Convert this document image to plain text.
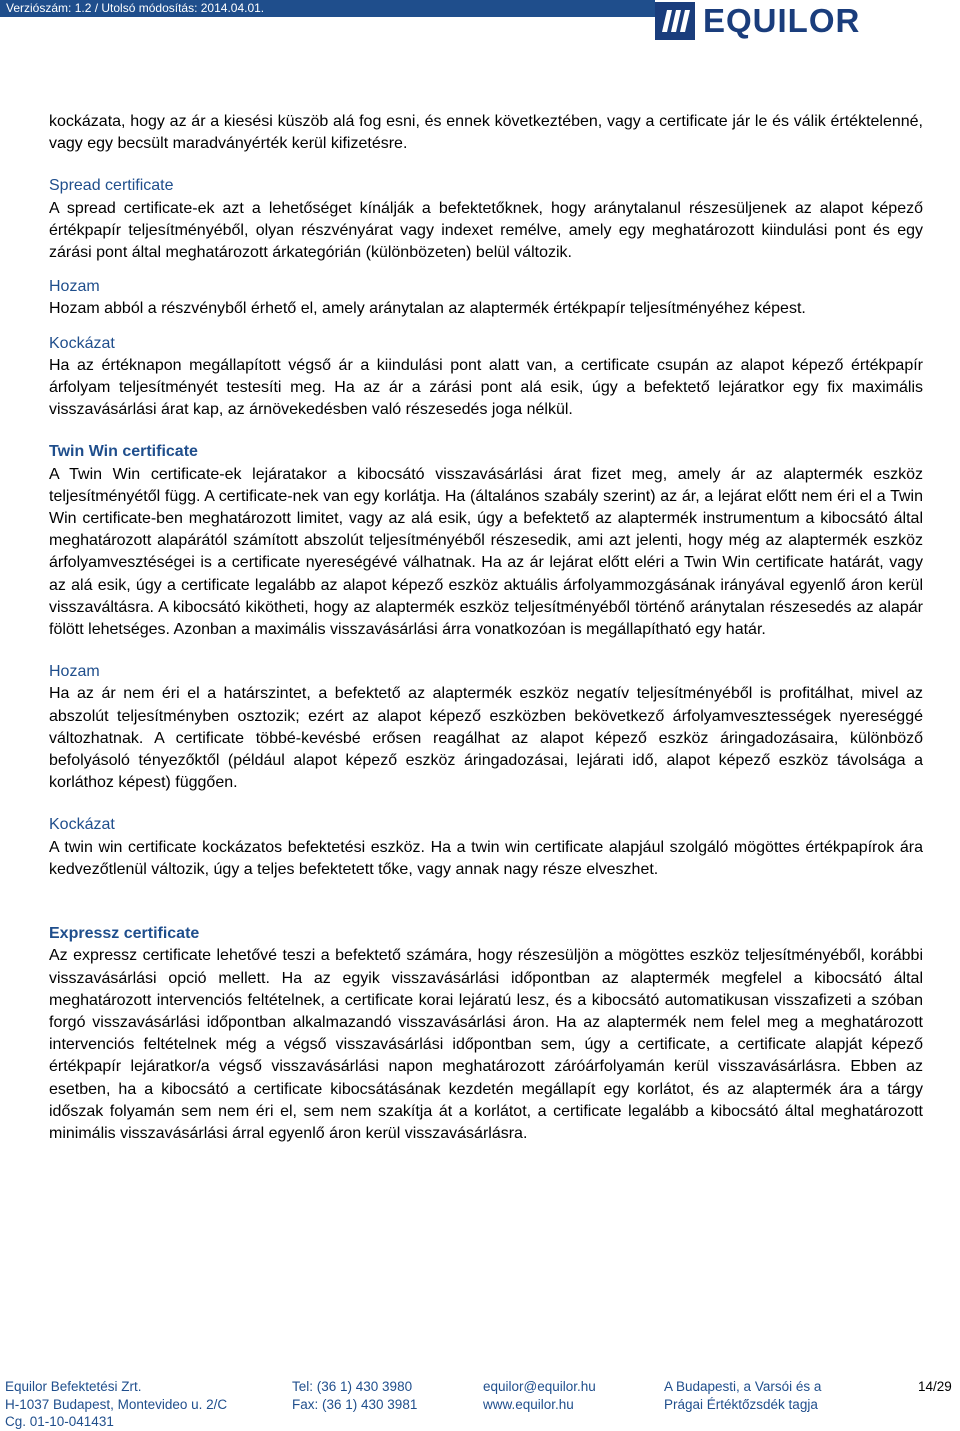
Verziószám: 1.2 / Utolsó módosítás: 2014.04.01.	EQUILOR

kockázata, hogy az ár a kiesési küszöb alá fog esni, és ennek következtében, vagy a certificate jár le és válik értéktelenné, vagy egy becsült maradványérték kerül kifizetésre.

Spread certificate

A spread certificate-ek azt a lehetőséget kínálják a befektetőknek, hogy aránytalanul részesüljenek az alapot képező értékpapír teljesítményéből, olyan részvényárat vagy indexet remélve, amely egy meghatározott kiindulási pont és egy zárási pont által meghatározott árkategórián (különbözeten) belül változik.

Hozam

Hozam abból a részvényből érhető el, amely aránytalan az alaptermék értékpapír teljesítményéhez képest.

Kockázat

Ha az értéknapon megállapított végső ár a kiindulási pont alatt van, a certificate csupán az alapot képező értékpapír árfolyam teljesítményét testesíti meg. Ha az ár a zárási pont alá esik, úgy a befektető lejáratkor egy fix maximális visszavásárlási árat kap, az árnövekedésben való részesedés joga nélkül.

Twin Win certificate

A Twin Win certificate-ek lejáratakor a kibocsátó visszavásárlási árat fizet meg, amely ár az alaptermék eszköz teljesítményétől függ. A certificate-nek van egy korlátja. Ha (általános szabály szerint) az ár, a lejárat előtt nem éri el a Twin Win certificate-ben meghatározott limitet, vagy az alá esik, úgy a befektető az alaptermék instrumentum a kibocsátó által meghatározott alapárától számított abszolút teljesítményéből részesedik, ami azt jelenti, hogy még az alaptermék eszköz árfolyamvesztéségei is a certificate nyereségévé válhatnak. Ha az ár lejárat előtt eléri a Twin Win certificate határát, vagy az alá esik, úgy a certificate legalább az alapot képező eszköz aktuális árfolyammozgásának irányával egyenlő áron kerül visszaváltásra. A kibocsátó kikötheti, hogy az alaptermék eszköz teljesítményéből történő aránytalan részesedés az alapár fölött lehetséges. Azonban a maximális visszavásárlási árra vonatkozóan is megállapítható egy határ.

Hozam

Ha az ár nem éri el a határszintet, a befektető az alaptermék eszköz negatív teljesítményéből is profitálhat, mivel az abszolút teljesítményben osztozik; ezért az alapot képező eszközben bekövetkező árfolyamvesztességek nyereséggé változhatnak. A certificate többé-kevésbé erősen reagálhat az alapot képező eszköz áringadozásaira, különböző befolyásoló tényezőktől (például alapot képező eszköz áringadozásai, lejárati idő, alapot képező eszköz távolsága a korláthoz képest) függően.

Kockázat

A twin win certificate kockázatos befektetési eszköz. Ha a twin win certificate alapjául szolgáló mögöttes értékpapírok ára kedvezőtlenül változik, úgy a teljes befektetett tőke, vagy annak nagy része elveszhet.

Expressz certificate

Az expressz certificate lehetővé teszi a befektető számára, hogy részesüljön a mögöttes eszköz teljesítményéből, korábbi visszavásárlási opció mellett. Ha az egyik visszavásárlási időpontban az alaptermék megfelel a kibocsátó által meghatározott intervenciós feltételnek, a certificate korai lejáratú lesz, és a kibocsátó automatikusan visszafizeti a szóban forgó visszavásárlási időpontban alkalmazandó visszavásárlási áron. Ha az alaptermék nem felel meg a meghatározott intervenciós feltételnek még a végső visszavásárlási időpontban sem, úgy a certificate, a certificate alapját képező értékpapír lejáratkor/a végső visszavásárlási napon meghatározott záróárfolyamán kerül visszavásárlásra. Ebben az esetben, ha a kibocsátó a certificate kibocsátásának kezdetén megállapít egy korlátot, és az alaptermék ára a tárgy időszak folyamán sem nem éri el, sem nem szakítja át a korlátot, a certificate legalább a kibocsátó által meghatározott minimális visszavásárlási árral egyenlő áron kerül visszavásárlásra.

Equilor Befektetési Zrt.
H-1037 Budapest, Montevideo u. 2/C
Cg. 01-10-041431
Tel: (36 1) 430 3980
Fax: (36 1) 430 3981
equilor@equilor.hu
www.equilor.hu
A Budapesti, a Varsói és a
Prágai Értéktőzsdék tagja
14/29
